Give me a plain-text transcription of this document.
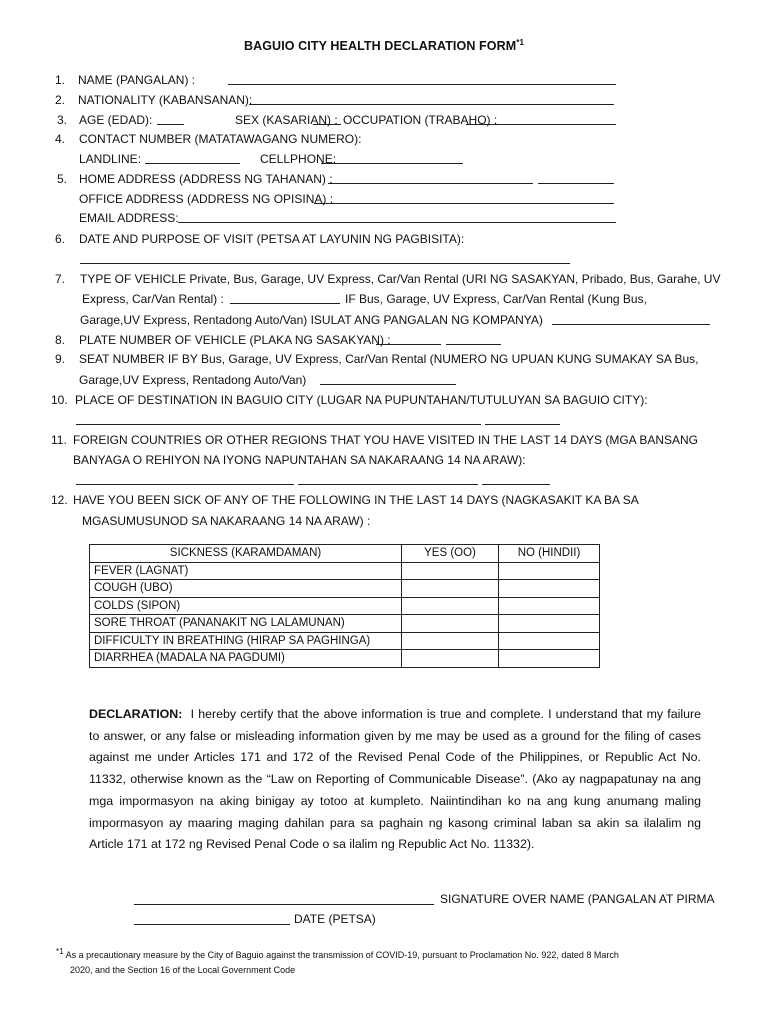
BAGUIO CITY HEALTH DECLARATION FORM$^{*1}$
1. NAME (PANGALAN) :
2. NATIONALITY (KABANSANAN):
3. AGE (EDAD):	SEX (KASARIAN) : OCCUPATION (TRABAHO) :
4. CONTACT NUMBER (MATATAWAGANG NUMERO):
LANDLINE:	CELLPHONE:
5. HOME ADDRESS (ADDRESS NG TAHANAN) :
OFFICE ADDRESS (ADDRESS NG OPISINA) :
EMAIL ADDRESS:
6. DATE AND PURPOSE OF VISIT (PETSA AT LAYUNIN NG PAGBISITA):
7. TYPE OF VEHICLE Private, Bus, Garage, UV Express, Car/Van Rental (URI NG SASAKYAN, Pribado, Bus, Garahe, UV
Express, Car/Van Rental) :	IF Bus, Garage, UV Express, Car/Van Rental (Kung Bus,
Garage,UV Express, Rentadong Auto/Van) ISULAT ANG PANGALAN NG KOMPANYA)
8. PLATE NUMBER OF VEHICLE (PLAKA NG SASAKYAN) :
9. SEAT NUMBER IF BY Bus, Garage, UV Express, Car/Van Rental (NUMERO NG UPUAN KUNG SUMAKAY SA Bus,
Garage,UV Express, Rentadong Auto/Van)
10. PLACE OF DESTINATION IN BAGUIO CITY (LUGAR NA PUPUNTAHAN/TUTULUYAN SA BAGUIO CITY):
11. FOREIGN COUNTRIES OR OTHER REGIONS THAT YOU HAVE VISITED IN THE LAST 14 DAYS (MGA BANSANG
BANYAGA O REHIYON NA IYONG NAPUNTAHAN SA NAKARAANG 14 NA ARAW):
12. HAVE YOU BEEN SICK OF ANY OF THE FOLLOWING IN THE LAST 14 DAYS (NAGKASAKIT KA BA SA
MGASUMUSUNOD SA NAKARAANG 14 NA ARAW) :
SICKNESS (KARAMDAMAN)	YES (OO)	NO (HINDII)
FEVER (LAGNAT)		
COUGH (UBO)		
COLDS (SIPON)		
SORE THROAT (PANANAKIT NG LALAMUNAN)		
DIFFICULTY IN BREATHING (HIRAP SA PAGHINGA)		
DIARRHEA (MADALA NA PAGDUMI)		
DECLARATION: I hereby certify that the above information is true and complete. I understand that my failure to answer, or any false or misleading information given by me may be used as a ground for the filing of cases against me under Articles 171 and 172 of the Revised Penal Code of the Philippines, or Republic Act No. 11332, otherwise known as the “Law on Reporting of Communicable Disease”. (Ako ay nagpapatunay na ang mga impormasyon na aking binigay ay totoo at kumpleto. Naiintindihan ko na ang kung anumang maling impormasyon ay maaring maging dahilan para sa paghain ng kasong criminal laban sa akin sa ilalalim ng Article 171 at 172 ng Revised Penal Code o sa ilalim ng Republic Act No. 11332).
SIGNATURE OVER NAME (PANGALAN AT PIRMA
DATE (PETSA)
$^{*1}$ As a precautionary measure by the City of Baguio against the transmission of COVID-19, pursuant to Proclamation No. 922, dated 8 March
2020, and the Section 16 of the Local Government Code
